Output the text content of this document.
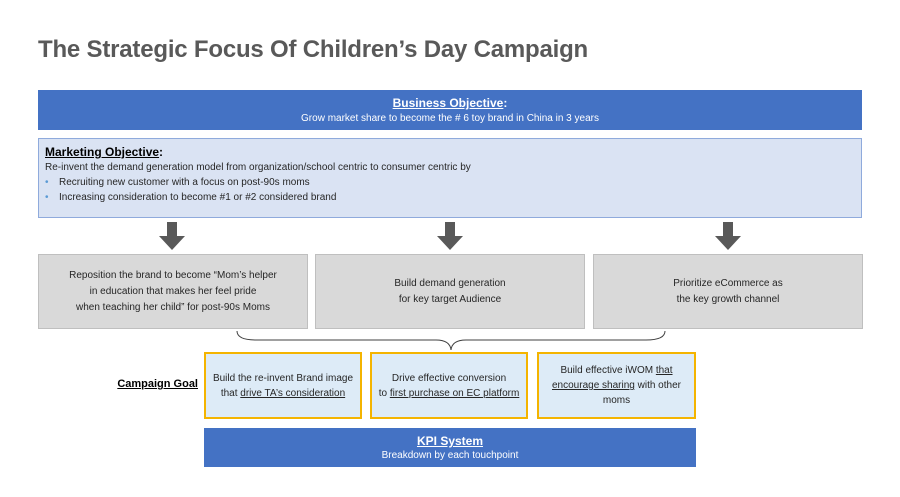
The Strategic Focus Of Children’s Day Campaign
Business Objective:
Grow market share to become the # 6 toy brand in China in 3 years
Marketing Objective:
Re-invent the demand generation model from organization/school centric to consumer centric by
• Recruiting new customer with a focus on post-90s moms
• Increasing consideration to become #1 or #2 considered brand
Reposition the brand to become “Mom’s helper
in education that makes her feel pride
when teaching her child” for post-90s Moms
Build demand generation
for key target Audience
Prioritize eCommerce as
the key growth channel
Campaign Goal Build the re-invent Brand image
that drive TA’s consideration
Drive effective conversion
to first purchase on EC platform
Build effective iWOM that
encourage sharing with other
moms
KPI System
Breakdown by each touchpoint
